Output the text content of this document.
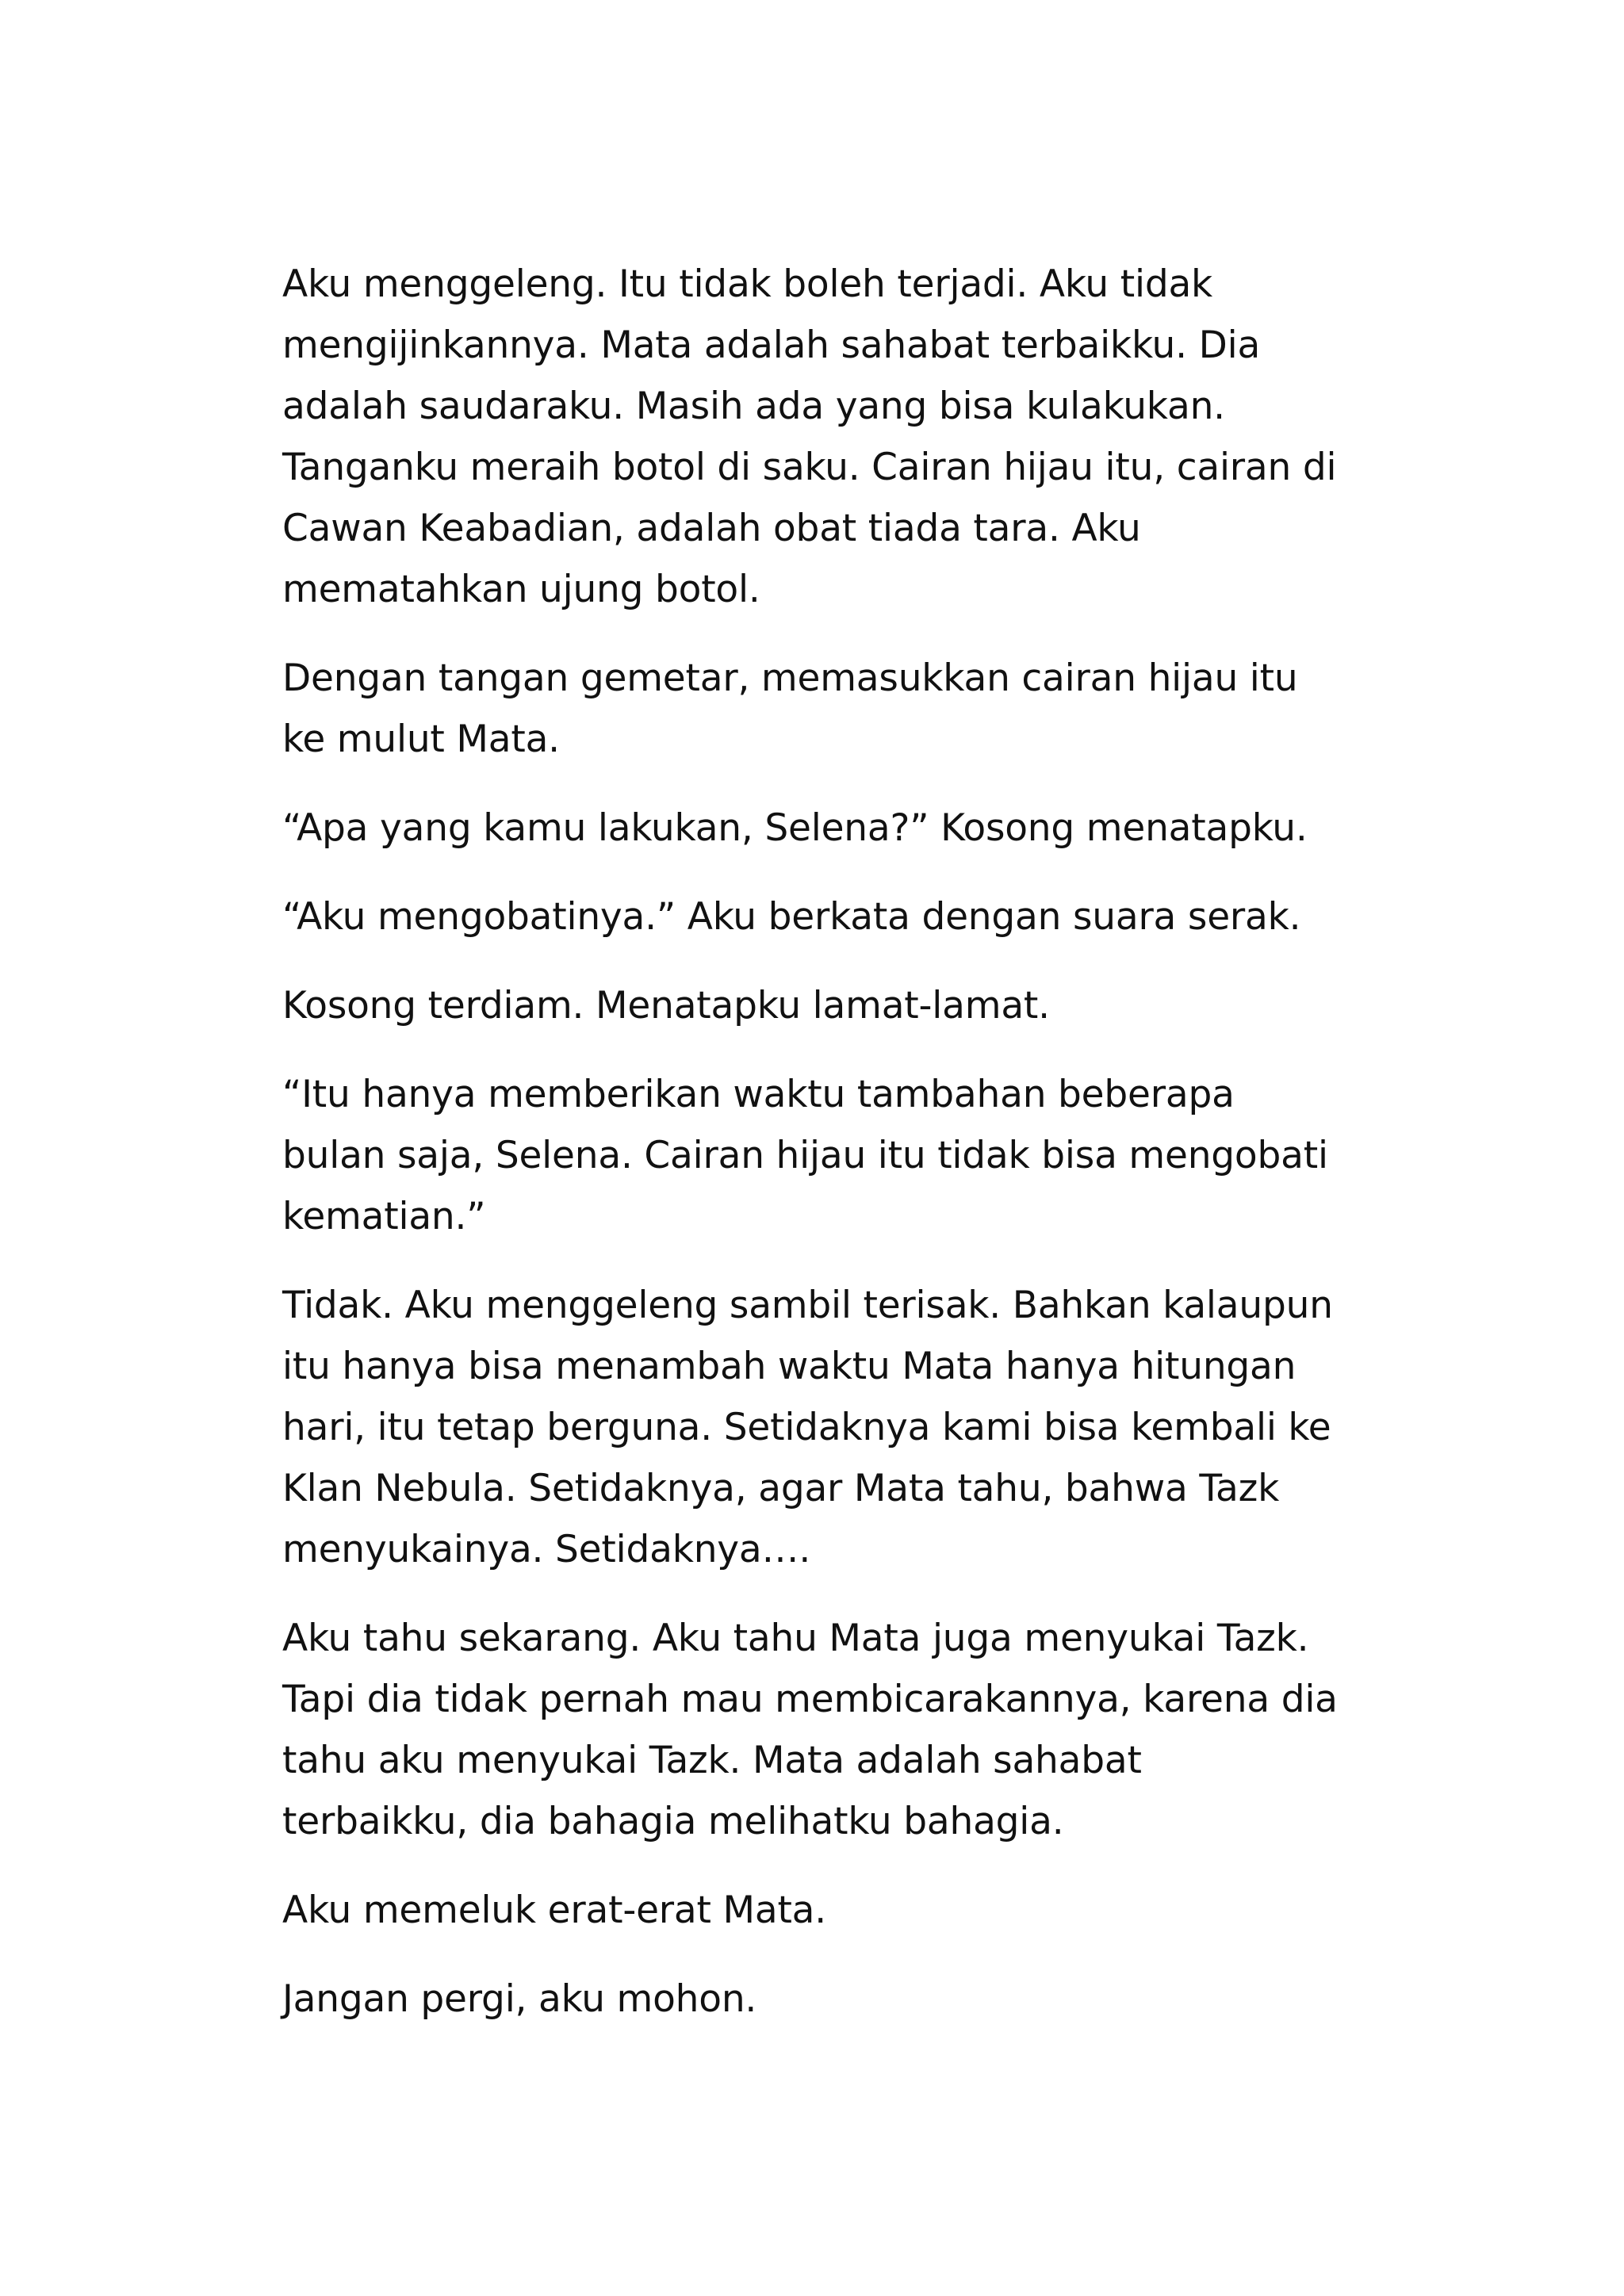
Aku menggeleng. Itu tidak boleh terjadi. Aku tidak
mengijinkannya. Mata adalah sahabat terbaikku. Dia
adalah saudaraku. Masih ada yang bisa kulakukan.
Tanganku meraih botol di saku. Cairan hijau itu, cairan di
Cawan Keabadian, adalah obat tiada tara. Aku
mematahkan ujung botol.

Dengan tangan gemetar, memasukkan cairan hijau itu
ke mulut Mata.

“Apa yang kamu lakukan, Selena?” Kosong menatapku.

“Aku mengobatinya.” Aku berkata dengan suara serak.

Kosong terdiam. Menatapku lamat-lamat.

“Itu hanya memberikan waktu tambahan beberapa
bulan saja, Selena. Cairan hijau itu tidak bisa mengobati
kematian.”

Tidak. Aku menggeleng sambil terisak. Bahkan kalaupun
itu hanya bisa menambah waktu Mata hanya hitungan
hari, itu tetap berguna. Setidaknya kami bisa kembali ke
Klan Nebula. Setidaknya, agar Mata tahu, bahwa Tazk
menyukainya. Setidaknya….

Aku tahu sekarang. Aku tahu Mata juga menyukai Tazk.
Tapi dia tidak pernah mau membicarakannya, karena dia
tahu aku menyukai Tazk. Mata adalah sahabat
terbaikku, dia bahagia melihatku bahagia.

Aku memeluk erat-erat Mata.

Jangan pergi, aku mohon.
